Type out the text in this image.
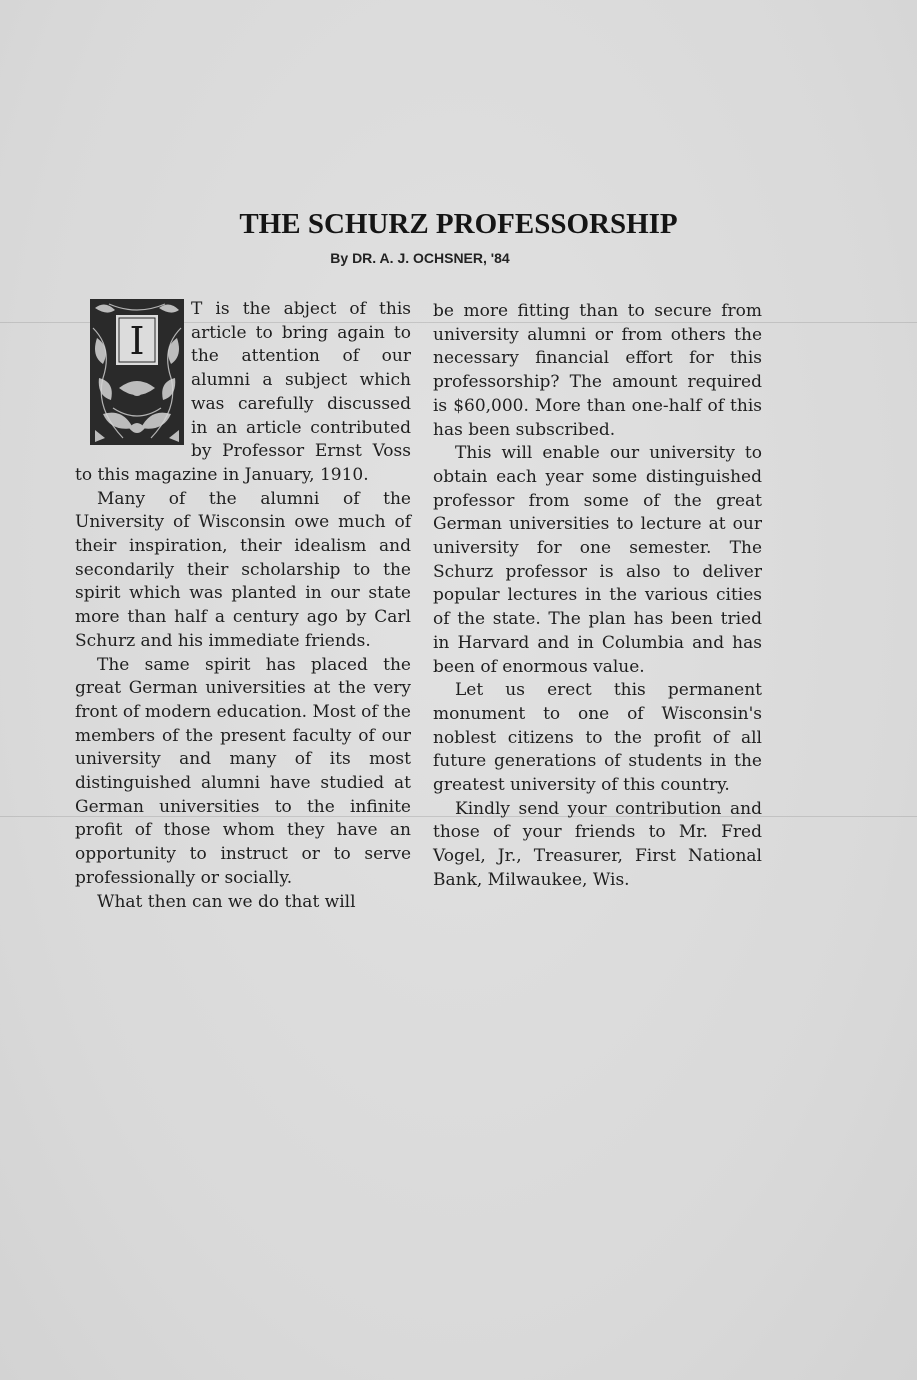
THE SCHURZ PROFESSORSHIP
By DR. A. J. OCHSNER, '84
I

T is the abject of this article to bring again to the attention of our alumni a subject which was carefully discussed in an article contributed by Professor Ernst Voss to this magazine in January, 1910.

Many of the alumni of the University of Wisconsin owe much of their inspiration, their idealism and secondarily their scholarship to the spirit which was planted in our state more than half a century ago by Carl Schurz and his immediate friends.

The same spirit has placed the great German universities at the very front of modern education. Most of the members of the present faculty of our university and many of its most distinguished alumni have studied at German universities to the infinite profit of those whom they have an opportunity to instruct or to serve professionally or socially.

What then can we do that will

be more fitting than to secure from university alumni or from others the necessary financial effort for this professorship? The amount required is $60,000. More than one-half of this has been subscribed.

This will enable our university to obtain each year some distinguished professor from some of the great German universities to lecture at our university for one semester. The Schurz professor is also to deliver popular lectures in the various cities of the state. The plan has been tried in Harvard and in Columbia and has been of enormous value.

Let us erect this permanent monument to one of Wisconsin's noblest citizens to the profit of all future generations of students in the greatest university of this country.

Kindly send your contribution and those of your friends to Mr. Fred Vogel, Jr., Treasurer, First National Bank, Milwaukee, Wis.
